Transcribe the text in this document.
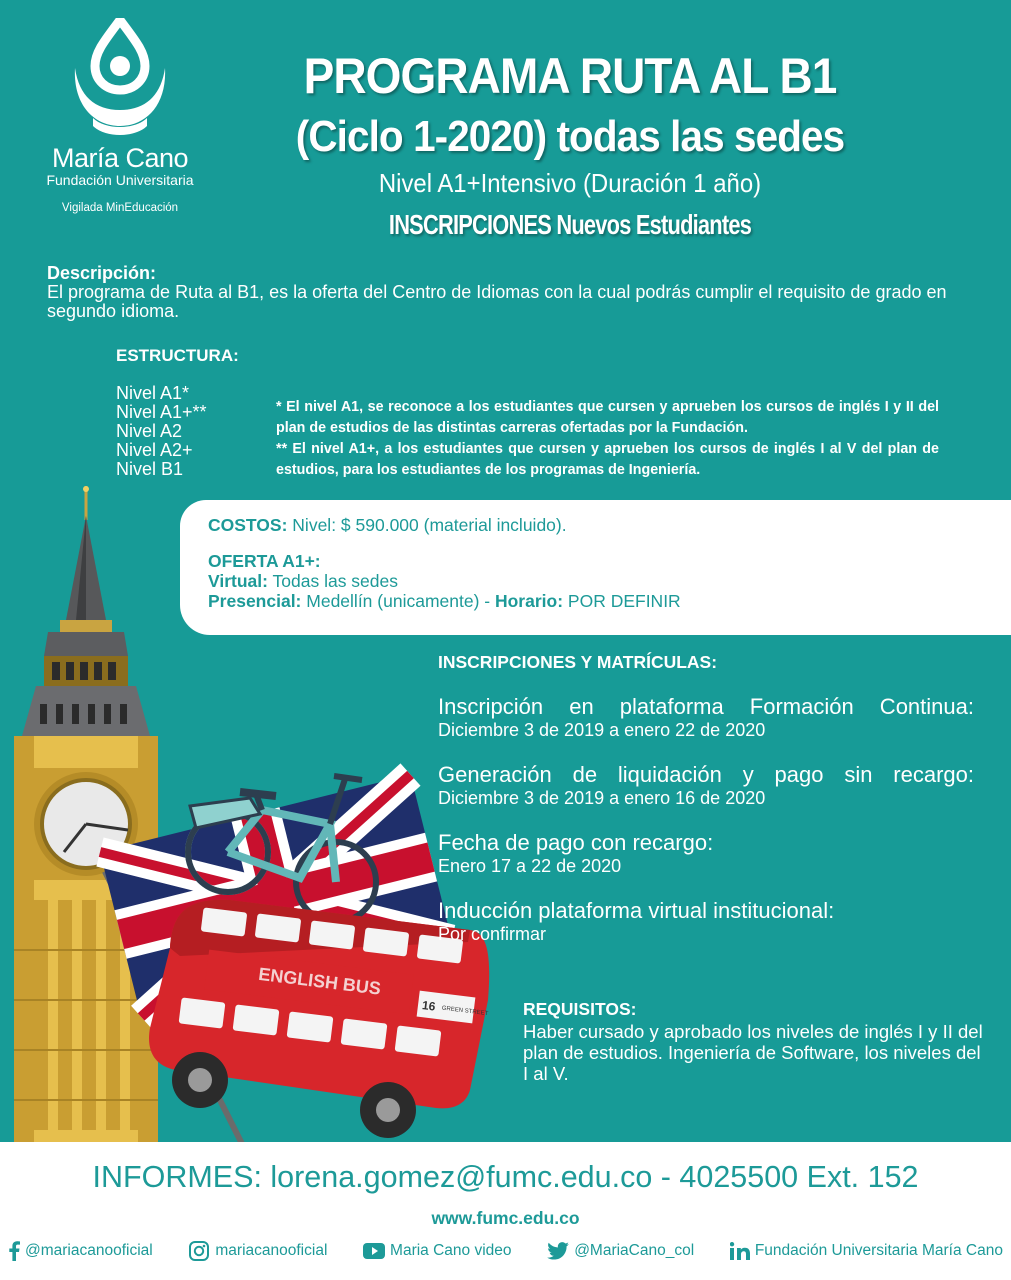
María Cano
Fundación Universitaria
Vigilada MinEducación
PROGRAMA RUTA AL B1
(Ciclo 1-2020) todas las sedes
Nivel A1+Intensivo (Duración 1 año)
INSCRIPCIONES Nuevos Estudiantes
Descripción:
El programa de Ruta al B1, es la oferta del Centro de Idiomas con la cual podrás cumplir el requisito de grado en segundo idioma.
ESTRUCTURA:
Nivel A1*
Nivel A1+**
Nivel A2
Nivel A2+
Nivel B1
* El nivel A1, se reconoce a los estudiantes que cursen y aprueben los cursos de inglés I y II del plan de estudios de las distintas carreras ofertadas por la Fundación.
** El nivel A1+, a los estudiantes que cursen y aprueben los cursos de inglés I al V del plan de estudios, para los estudiantes de los programas de Ingeniería.
ENGLISH BUS
16 GREEN STREET
INSCRIPCIONES Y MATRÍCULAS:
Inscripción en plataforma Formación Continua:
Diciembre 3 de 2019 a enero 22 de 2020
Generación de liquidación y pago sin recargo:
Diciembre 3 de 2019 a enero 16 de 2020
Fecha de pago con recargo:
Enero 17 a 22 de 2020
Inducción plataforma virtual institucional:
Por confirmar
REQUISITOS:
Haber cursado y aprobado los niveles de inglés I y II del plan de estudios. Ingeniería de Software, los niveles del I al V.
COSTOS: Nivel: $ 590.000 (material incluido).
OFERTA A1+:
Virtual: Todas las sedes
Presencial: Medellín (unicamente) - Horario: POR DEFINIR
INFORMES: lorena.gomez@fumc.edu.co - 4025500 Ext. 152
www.fumc.edu.co
@mariacanooficial	mariacanooficial	Maria Cano video	@MariaCano_col	Fundación Universitaria María Cano
